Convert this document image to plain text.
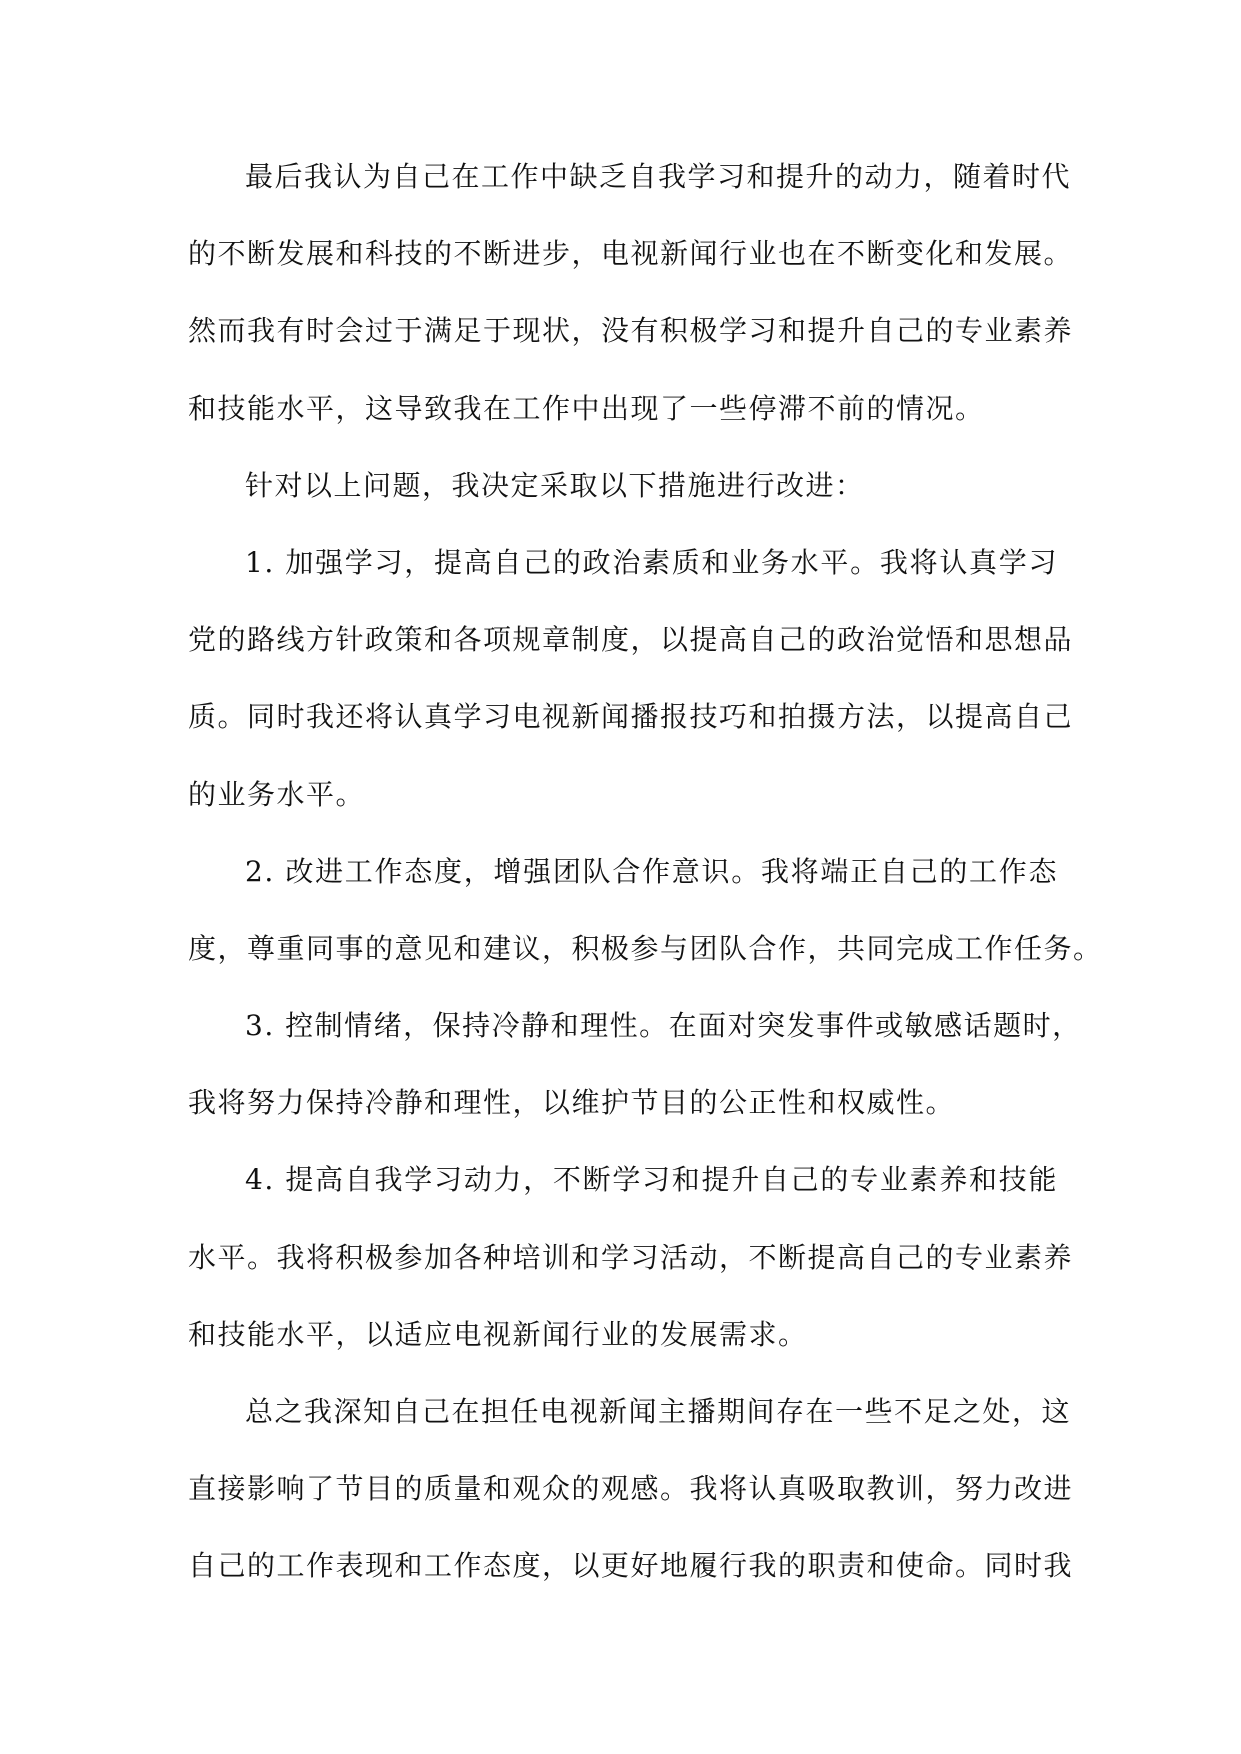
最后我认为自己在工作中缺乏自我学习和提升的动力，随着时代
的不断发展和科技的不断进步，电视新闻行业也在不断变化和发展。
然而我有时会过于满足于现状，没有积极学习和提升自己的专业素养
和技能水平，这导致我在工作中出现了一些停滞不前的情况。
针对以上问题，我决定采取以下措施进行改进：
1. 加强学习，提高自己的政治素质和业务水平。我将认真学习
党的路线方针政策和各项规章制度，以提高自己的政治觉悟和思想品
质。同时我还将认真学习电视新闻播报技巧和拍摄方法，以提高自己
的业务水平。
2. 改进工作态度，增强团队合作意识。我将端正自己的工作态
度，尊重同事的意见和建议，积极参与团队合作，共同完成工作任务。
3. 控制情绪，保持冷静和理性。在面对突发事件或敏感话题时，
我将努力保持冷静和理性，以维护节目的公正性和权威性。
4. 提高自我学习动力，不断学习和提升自己的专业素养和技能
水平。我将积极参加各种培训和学习活动，不断提高自己的专业素养
和技能水平，以适应电视新闻行业的发展需求。
总之我深知自己在担任电视新闻主播期间存在一些不足之处，这
直接影响了节目的质量和观众的观感。我将认真吸取教训，努力改进
自己的工作表现和工作态度，以更好地履行我的职责和使命。同时我
